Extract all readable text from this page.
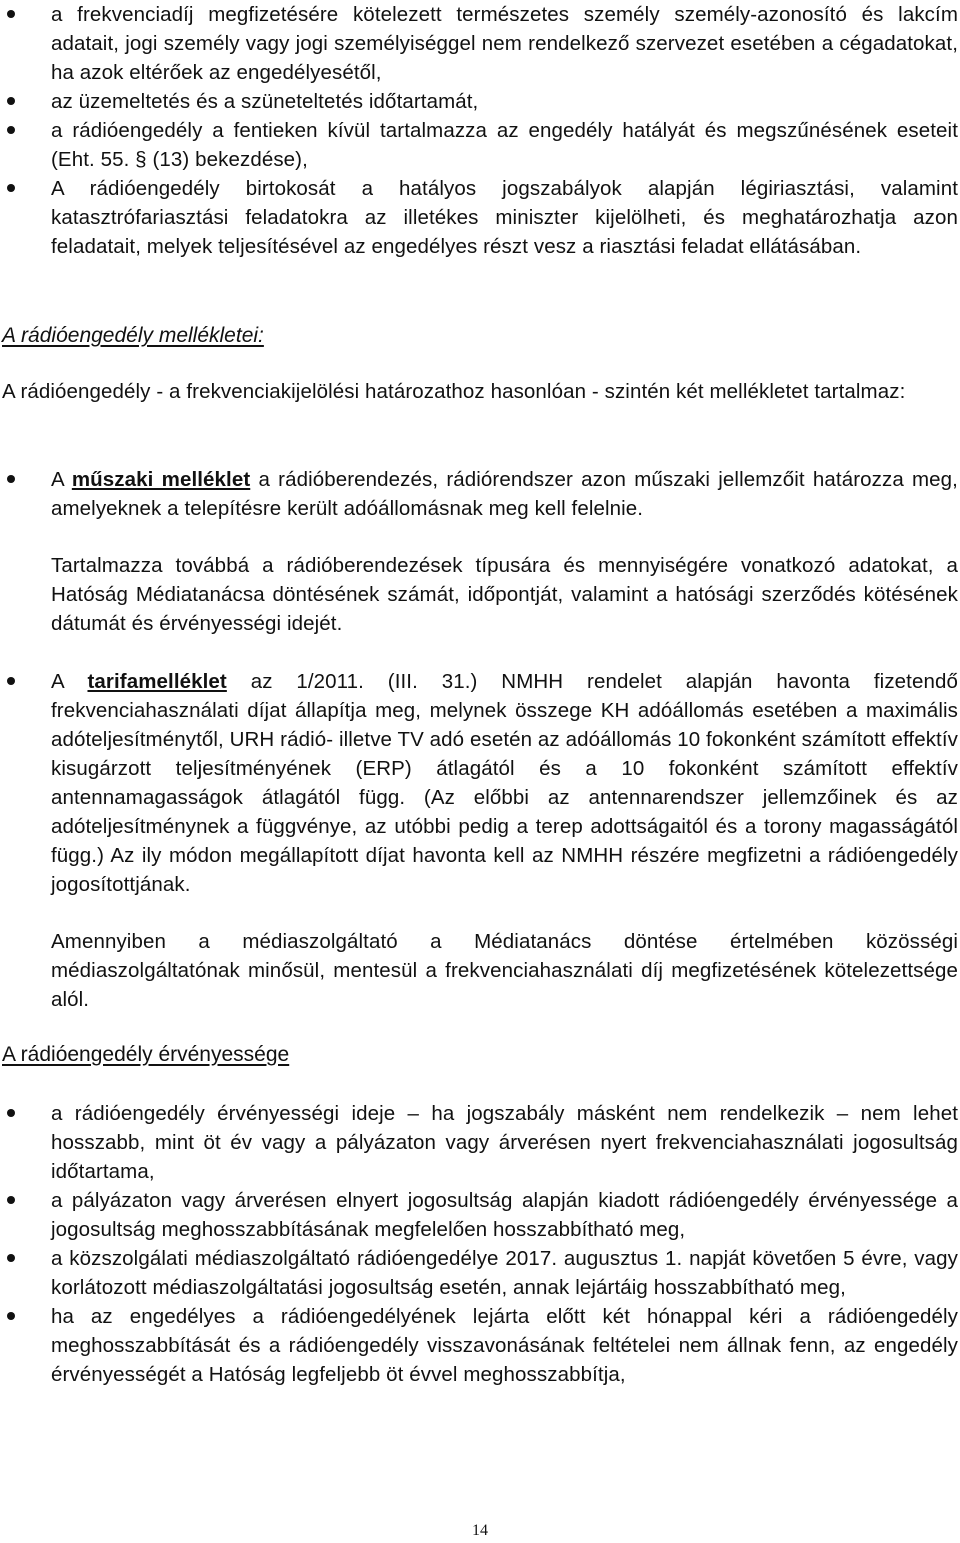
a frekvenciadíj megfizetésére kötelezett természetes személy személy-azonosító és lakcím adatait, jogi személy vagy jogi személyiséggel nem rendelkező szervezet esetében a cégadatokat, ha azok eltérőek az engedélyesétől,
az üzemeltetés és a szüneteltetés időtartamát,
a rádióengedély a fentieken kívül tartalmazza az engedély hatályát és megszűnésének eseteit (Eht. 55. § (13) bekezdése),
A rádióengedély birtokosát a hatályos jogszabályok alapján légiriasztási, valamint katasztrófariasztási feladatokra az illetékes miniszter kijelölheti, és meghatározhatja azon feladatait, melyek teljesítésével az engedélyes részt vesz a riasztási feladat ellátásában.

A rádióengedély mellékletei:

A rádióengedély - a frekvenciakijelölési határozathoz hasonlóan - szintén két mellékletet tartalmaz:

A műszaki melléklet a rádióberendezés, rádiórendszer azon műszaki jellemzőit határozza meg, amelyeknek a telepítésre került adóállomásnak meg kell felelnie.

Tartalmazza továbbá a rádióberendezések típusára és mennyiségére vonatkozó adatokat, a Hatóság Médiatanácsa döntésének számát, időpontját, valamint a hatósági szerződés kötésének dátumát és érvényességi idejét.

A tarifamelléklet az 1/2011. (III. 31.) NMHH rendelet alapján havonta fizetendő frekvenciahasználati díjat állapítja meg, melynek összege KH adóállomás esetében a maximális adóteljesítménytől, URH rádió- illetve TV adó esetén az adóállomás 10 fokonként számított effektív kisugárzott teljesítményének (ERP) átlagától és a 10 fokonként számított effektív antennamagasságok átlagától függ. (Az előbbi az antennarendszer jellemzőinek és az adóteljesítménynek a függvénye, az utóbbi pedig a terep adottságaitól és a torony magasságától függ.) Az ily módon megállapított díjat havonta kell az NMHH részére megfizetni a rádióengedély jogosítottjának.

Amennyiben a médiaszolgáltató a Médiatanács döntése értelmében közösségi médiaszolgáltatónak minősül, mentesül a frekvenciahasználati díj megfizetésének kötelezettsége alól.

A rádióengedély érvényessége

a rádióengedély érvényességi ideje – ha jogszabály másként nem rendelkezik – nem lehet hosszabb, mint öt év vagy a pályázaton vagy árverésen nyert frekvenciahasználati jogosultság időtartama,
a pályázaton vagy árverésen elnyert jogosultság alapján kiadott rádióengedély érvényessége a jogosultság meghosszabbításának megfelelően hosszabbítható meg,
a közszolgálati médiaszolgáltató rádióengedélye 2017. augusztus 1. napját követően 5 évre, vagy korlátozott médiaszolgáltatási jogosultság esetén, annak lejártáig hosszabbítható meg,
ha az engedélyes a rádióengedélyének lejárta előtt két hónappal kéri a rádióengedély meghosszabbítását és a rádióengedély visszavonásának feltételei nem állnak fenn, az engedély érvényességét a Hatóság legfeljebb öt évvel meghosszabbítja,
14
